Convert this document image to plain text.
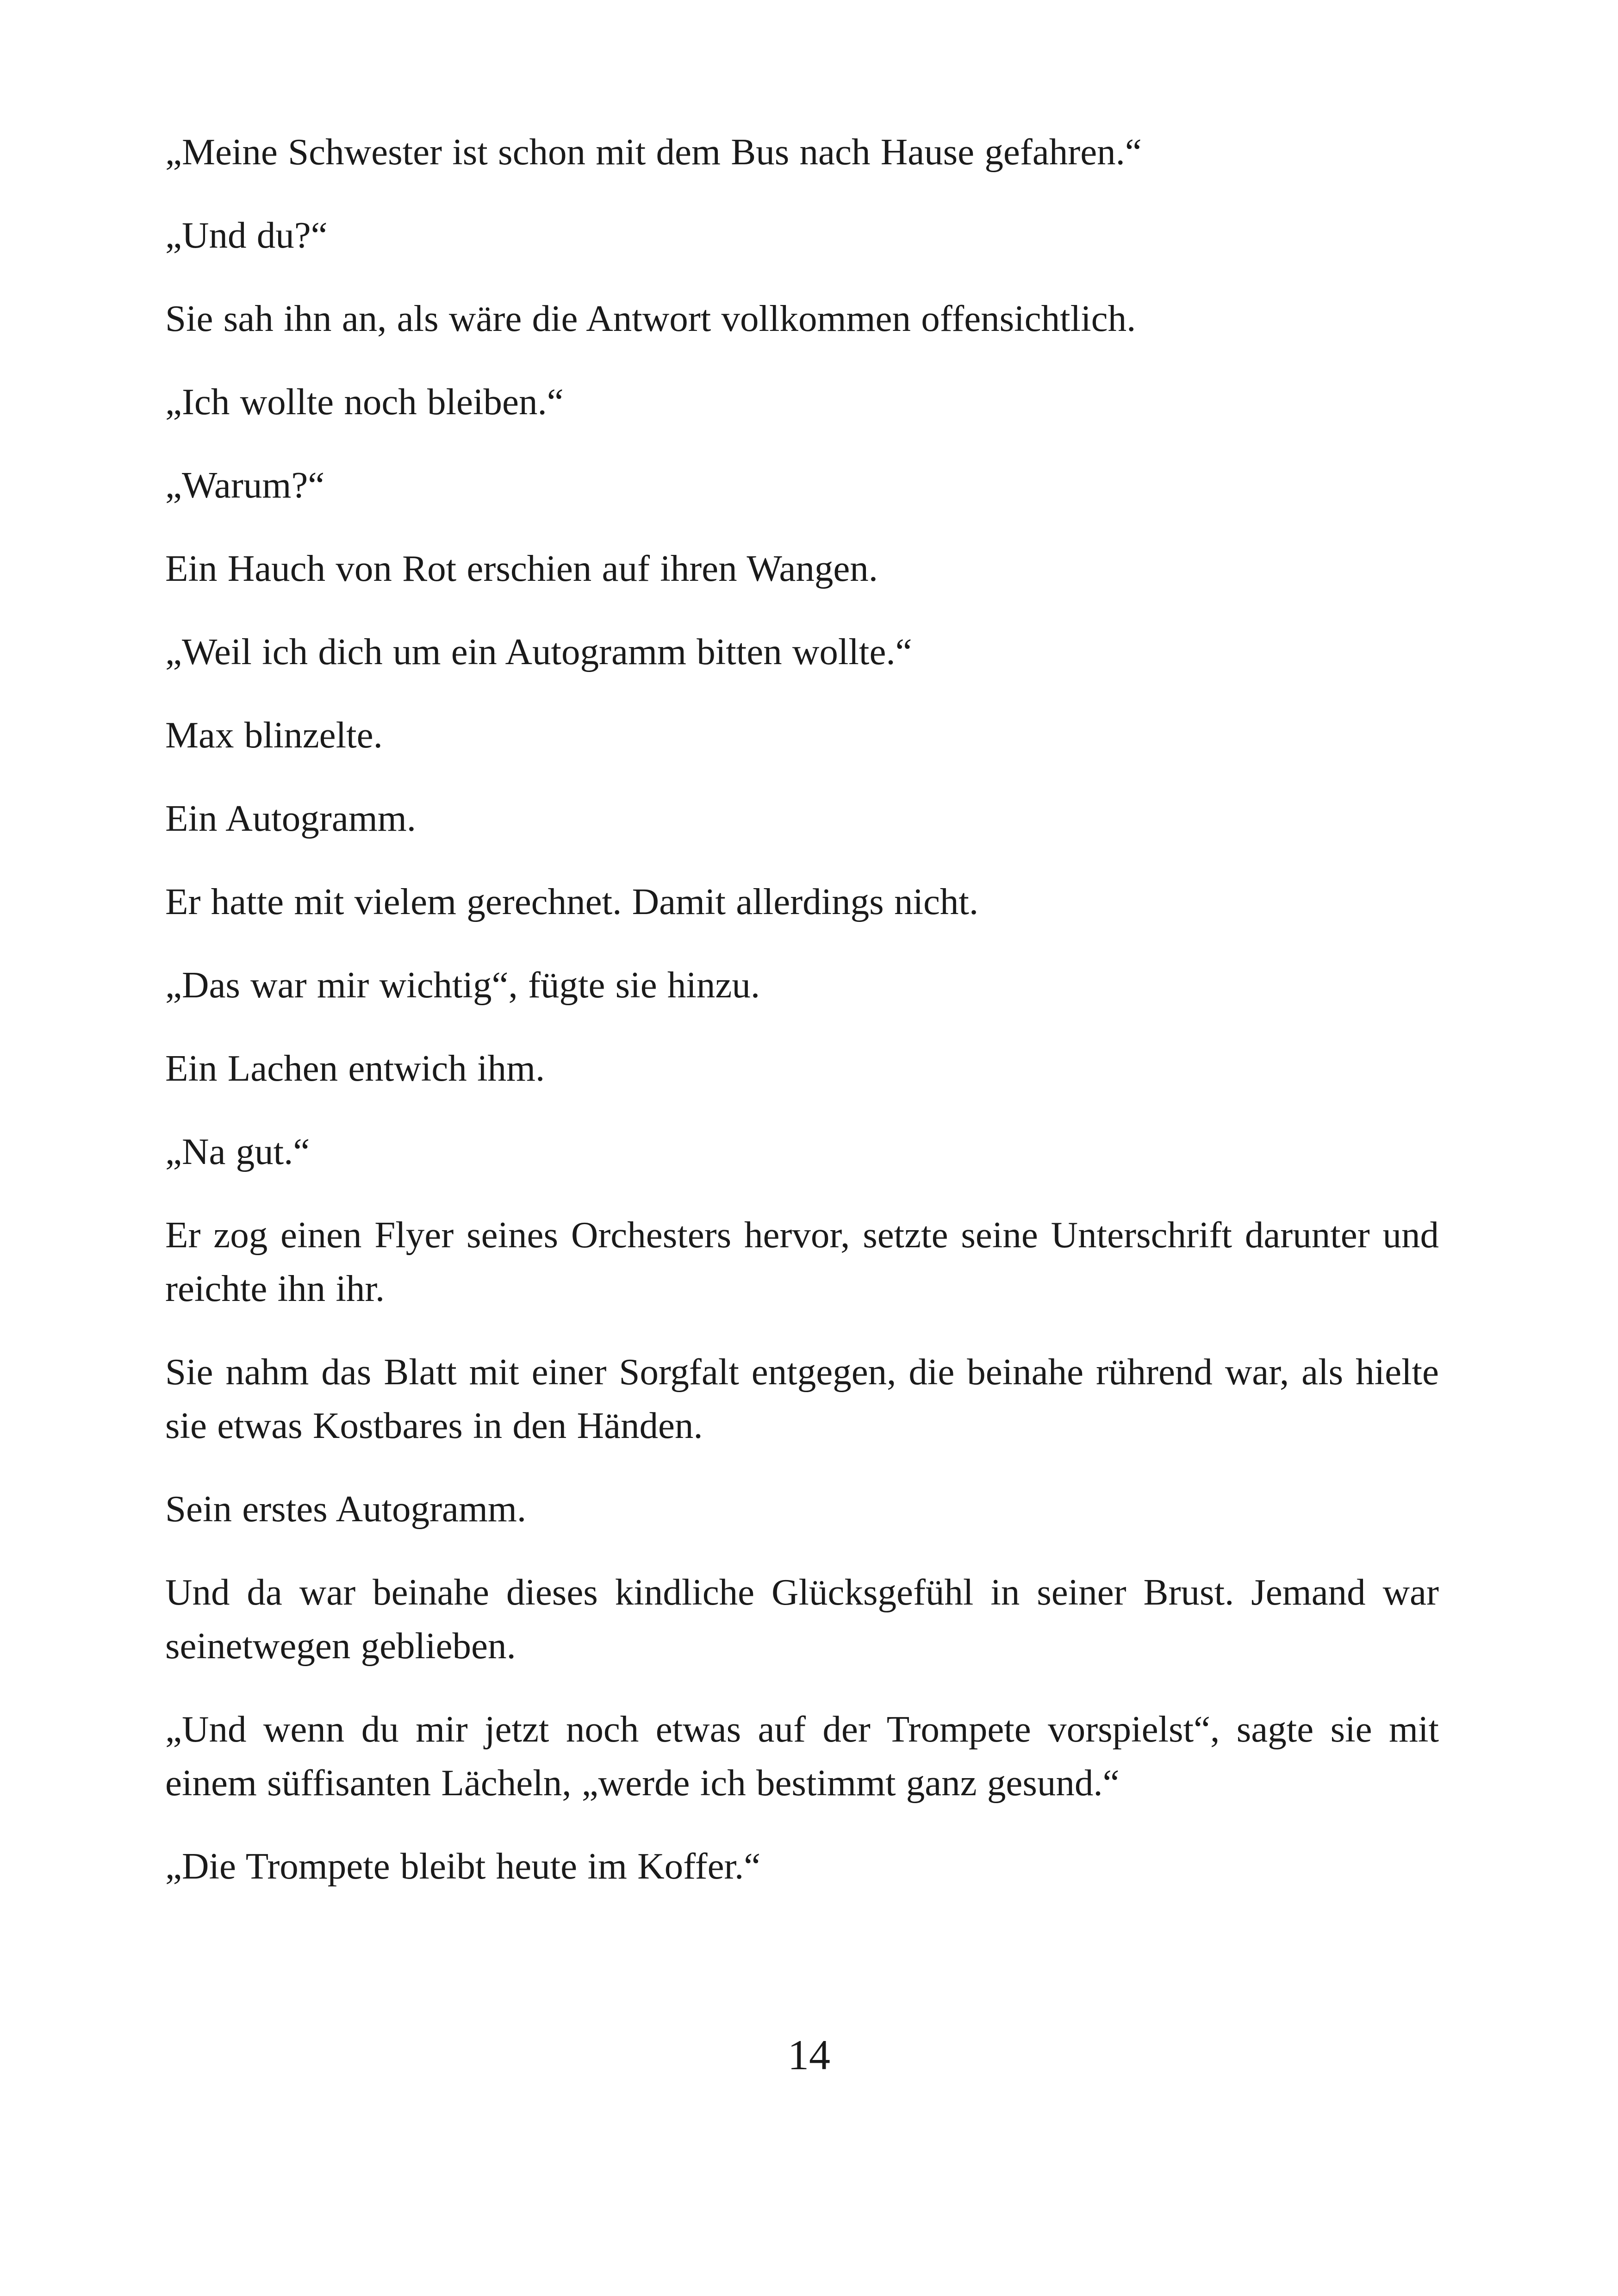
„Meine Schwester ist schon mit dem Bus nach Hause gefahren.“

„Und du?“

Sie sah ihn an, als wäre die Antwort vollkommen offensichtlich.

„Ich wollte noch bleiben.“

„Warum?“

Ein Hauch von Rot erschien auf ihren Wangen.

„Weil ich dich um ein Autogramm bitten wollte.“

Max blinzelte.

Ein Autogramm.

Er hatte mit vielem gerechnet. Damit allerdings nicht.

„Das war mir wichtig“, fügte sie hinzu.

Ein Lachen entwich ihm.

„Na gut.“

Er zog einen Flyer seines Orchesters hervor, setzte seine Unterschrift darunter und reichte ihn ihr.

Sie nahm das Blatt mit einer Sorgfalt entgegen, die beinahe rührend war, als hielte sie etwas Kostbares in den Händen.

Sein erstes Autogramm.

Und da war beinahe dieses kindliche Glücksgefühl in seiner Brust. Jemand war seinetwegen geblieben.

„Und wenn du mir jetzt noch etwas auf der Trompete vorspielst“, sagte sie mit einem süffisanten Lächeln, „werde ich bestimmt ganz gesund.“

„Die Trompete bleibt heute im Koffer.“

14
